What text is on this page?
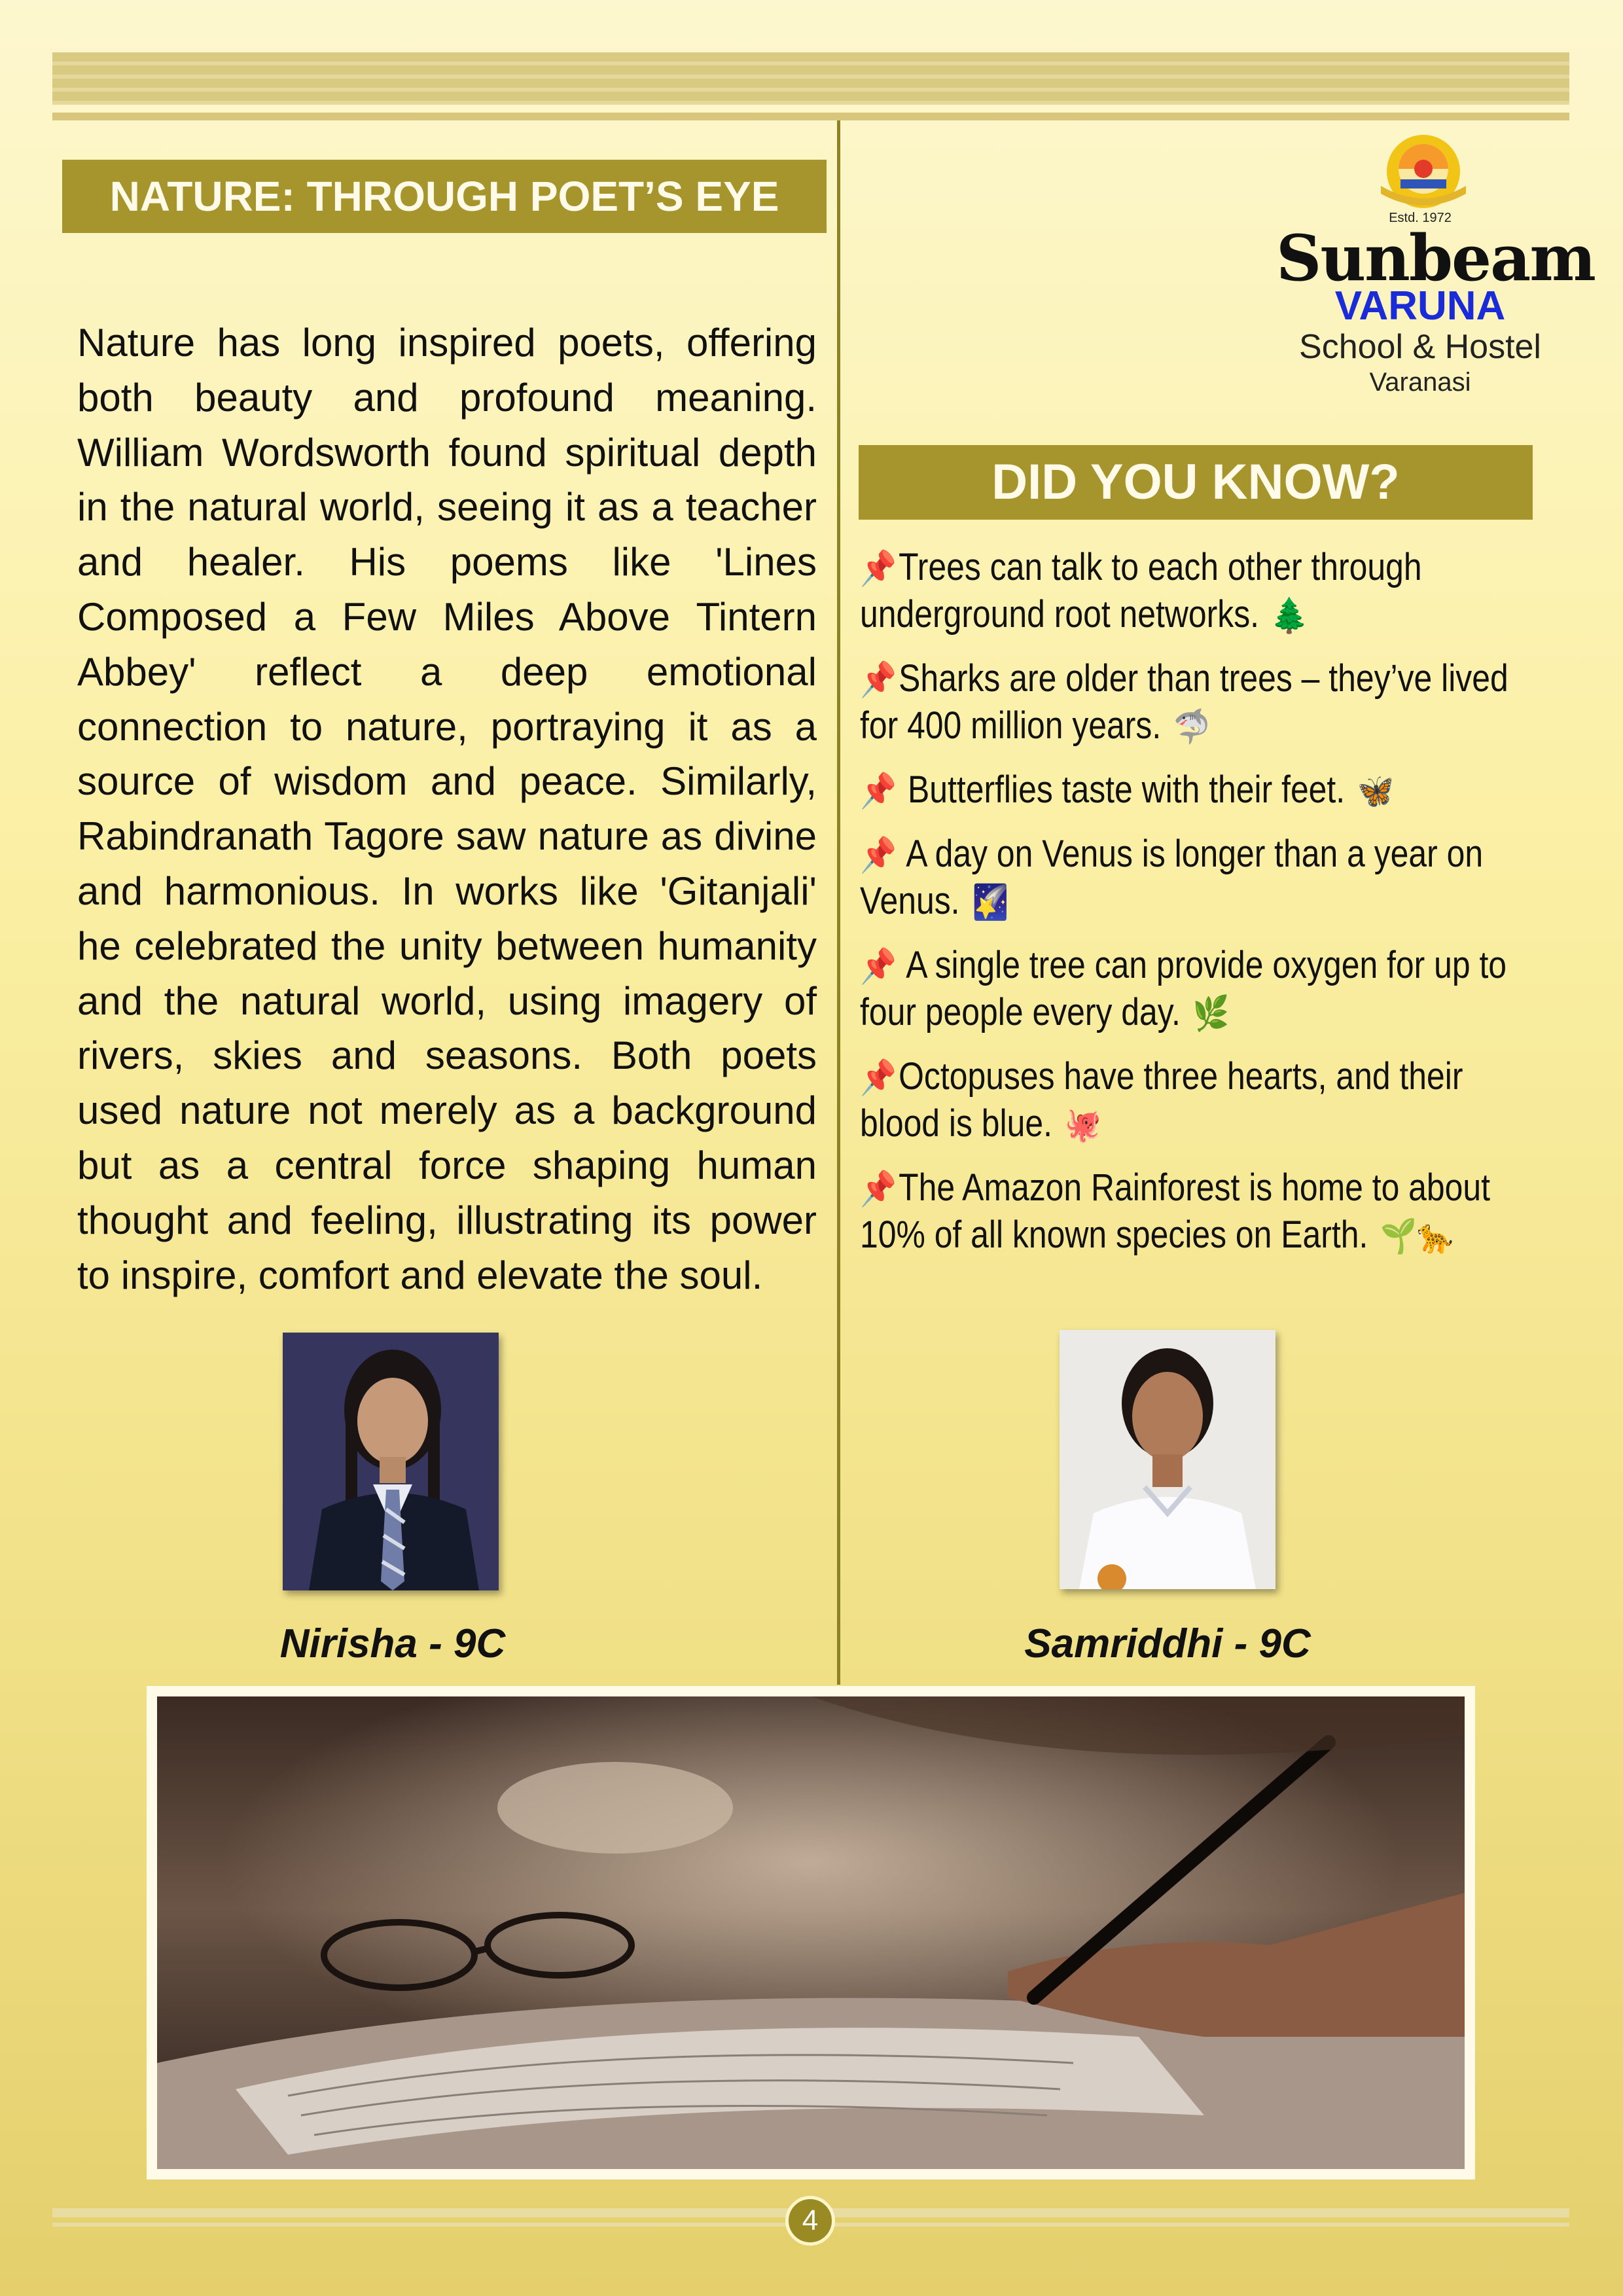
NATURE: THROUGH POET’S EYE

Nature has long inspired poets, offering both beauty and profound meaning. William Wordsworth found spiritual depth in the natural world, seeing it as a teacher and healer. His poems like 'Lines Composed a Few Miles Above Tintern Abbey' reflect a deep emotional connection to nature, portraying it as a source of wisdom and peace. Similarly, Rabindranath Tagore saw nature as divine and harmonious. In works like 'Gitanjali' he celebrated the unity between humanity and the natural world, using imagery of rivers, skies and seasons. Both poets used nature not merely as a background but as a central force shaping human thought and feeling, illustrating its power to inspire, comfort and elevate the soul.

Nirisha - 9C
Estd. 1972
Sunbeam
VARUNA
School & Hostel
Varanasi
DID YOU KNOW?
📌Trees can talk to each other through underground root networks. 🌲
📌Sharks are older than trees – they’ve lived for 400 million years. 🦈
📌 Butterflies taste with their feet. 🦋
📌 A day on Venus is longer than a year on Venus. 🌠
📌 A single tree can provide oxygen for up to four people every day. 🌿
📌Octopuses have three hearts, and their blood is blue. 🐙
📌The Amazon Rainforest is home to about 10% of all known species on Earth. 🌱🐆
Samriddhi - 9C
4
